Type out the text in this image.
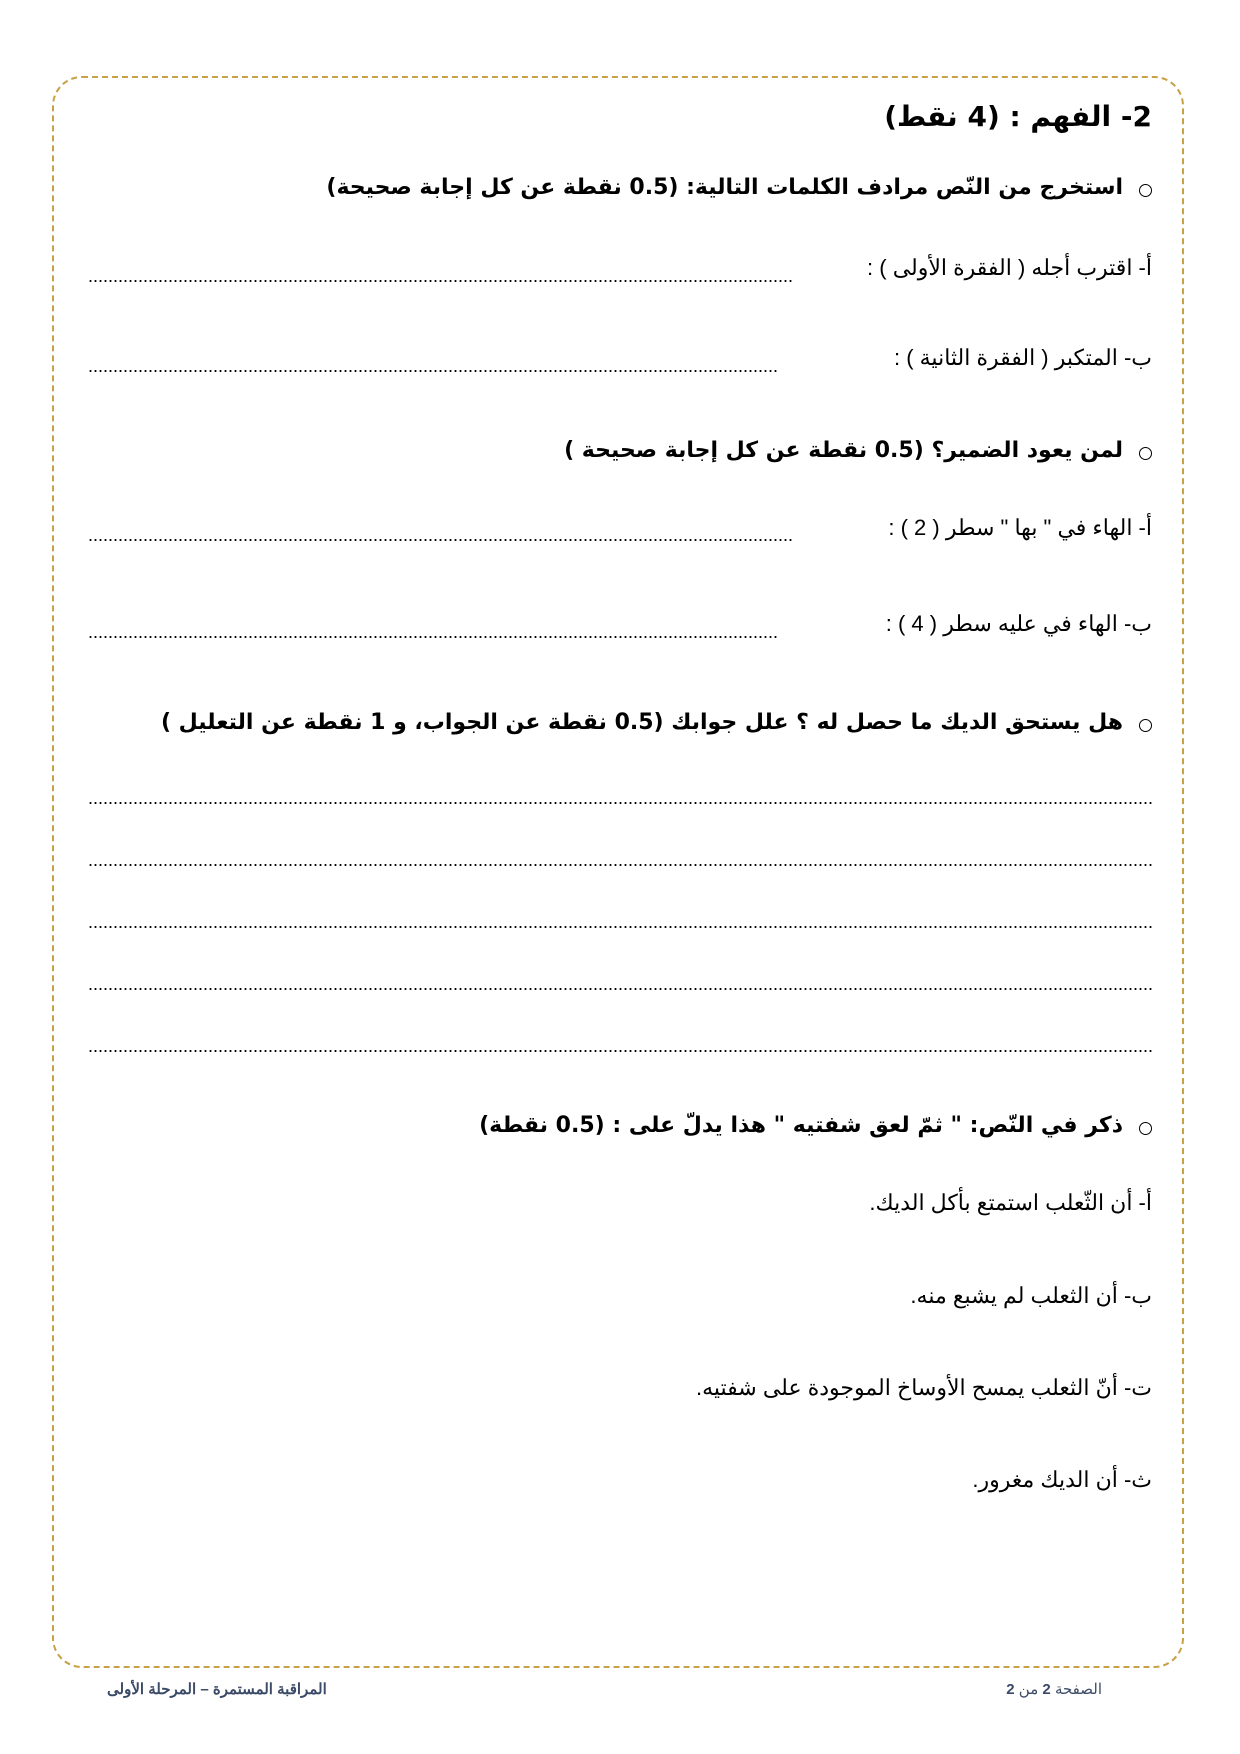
2- الفهم : (4 نقط)
استخرج من النّص مرادف الكلمات التالية: (0.5 نقطة عن كل إجابة صحيحة)
أ- اقترب أجله ( الفقرة الأولى ) :
ب- المتكبر ( الفقرة الثانية ) :
لمن يعود الضمير؟ (0.5 نقطة عن كل إجابة صحيحة )
أ- الهاء في " بها " سطر ( 2 ) :
ب- الهاء في عليه سطر ( 4 ) :
هل يستحق الديك ما حصل له ؟ علل جوابك (0.5 نقطة عن الجواب، و 1 نقطة عن التعليل )
ذكر في النّص: " ثمّ لعق شفتيه " هذا يدلّ على : (0.5 نقطة)
أ- أن الثّعلب استمتع بأكل الديك.
ب- أن الثعلب لم يشبع منه.
ت- أنّ الثعلب يمسح الأوساخ الموجودة على شفتيه.
ث- أن الديك مغرور.
المراقبة المستمرة – المرحلة الأولى	الصفحة 2 من 2
